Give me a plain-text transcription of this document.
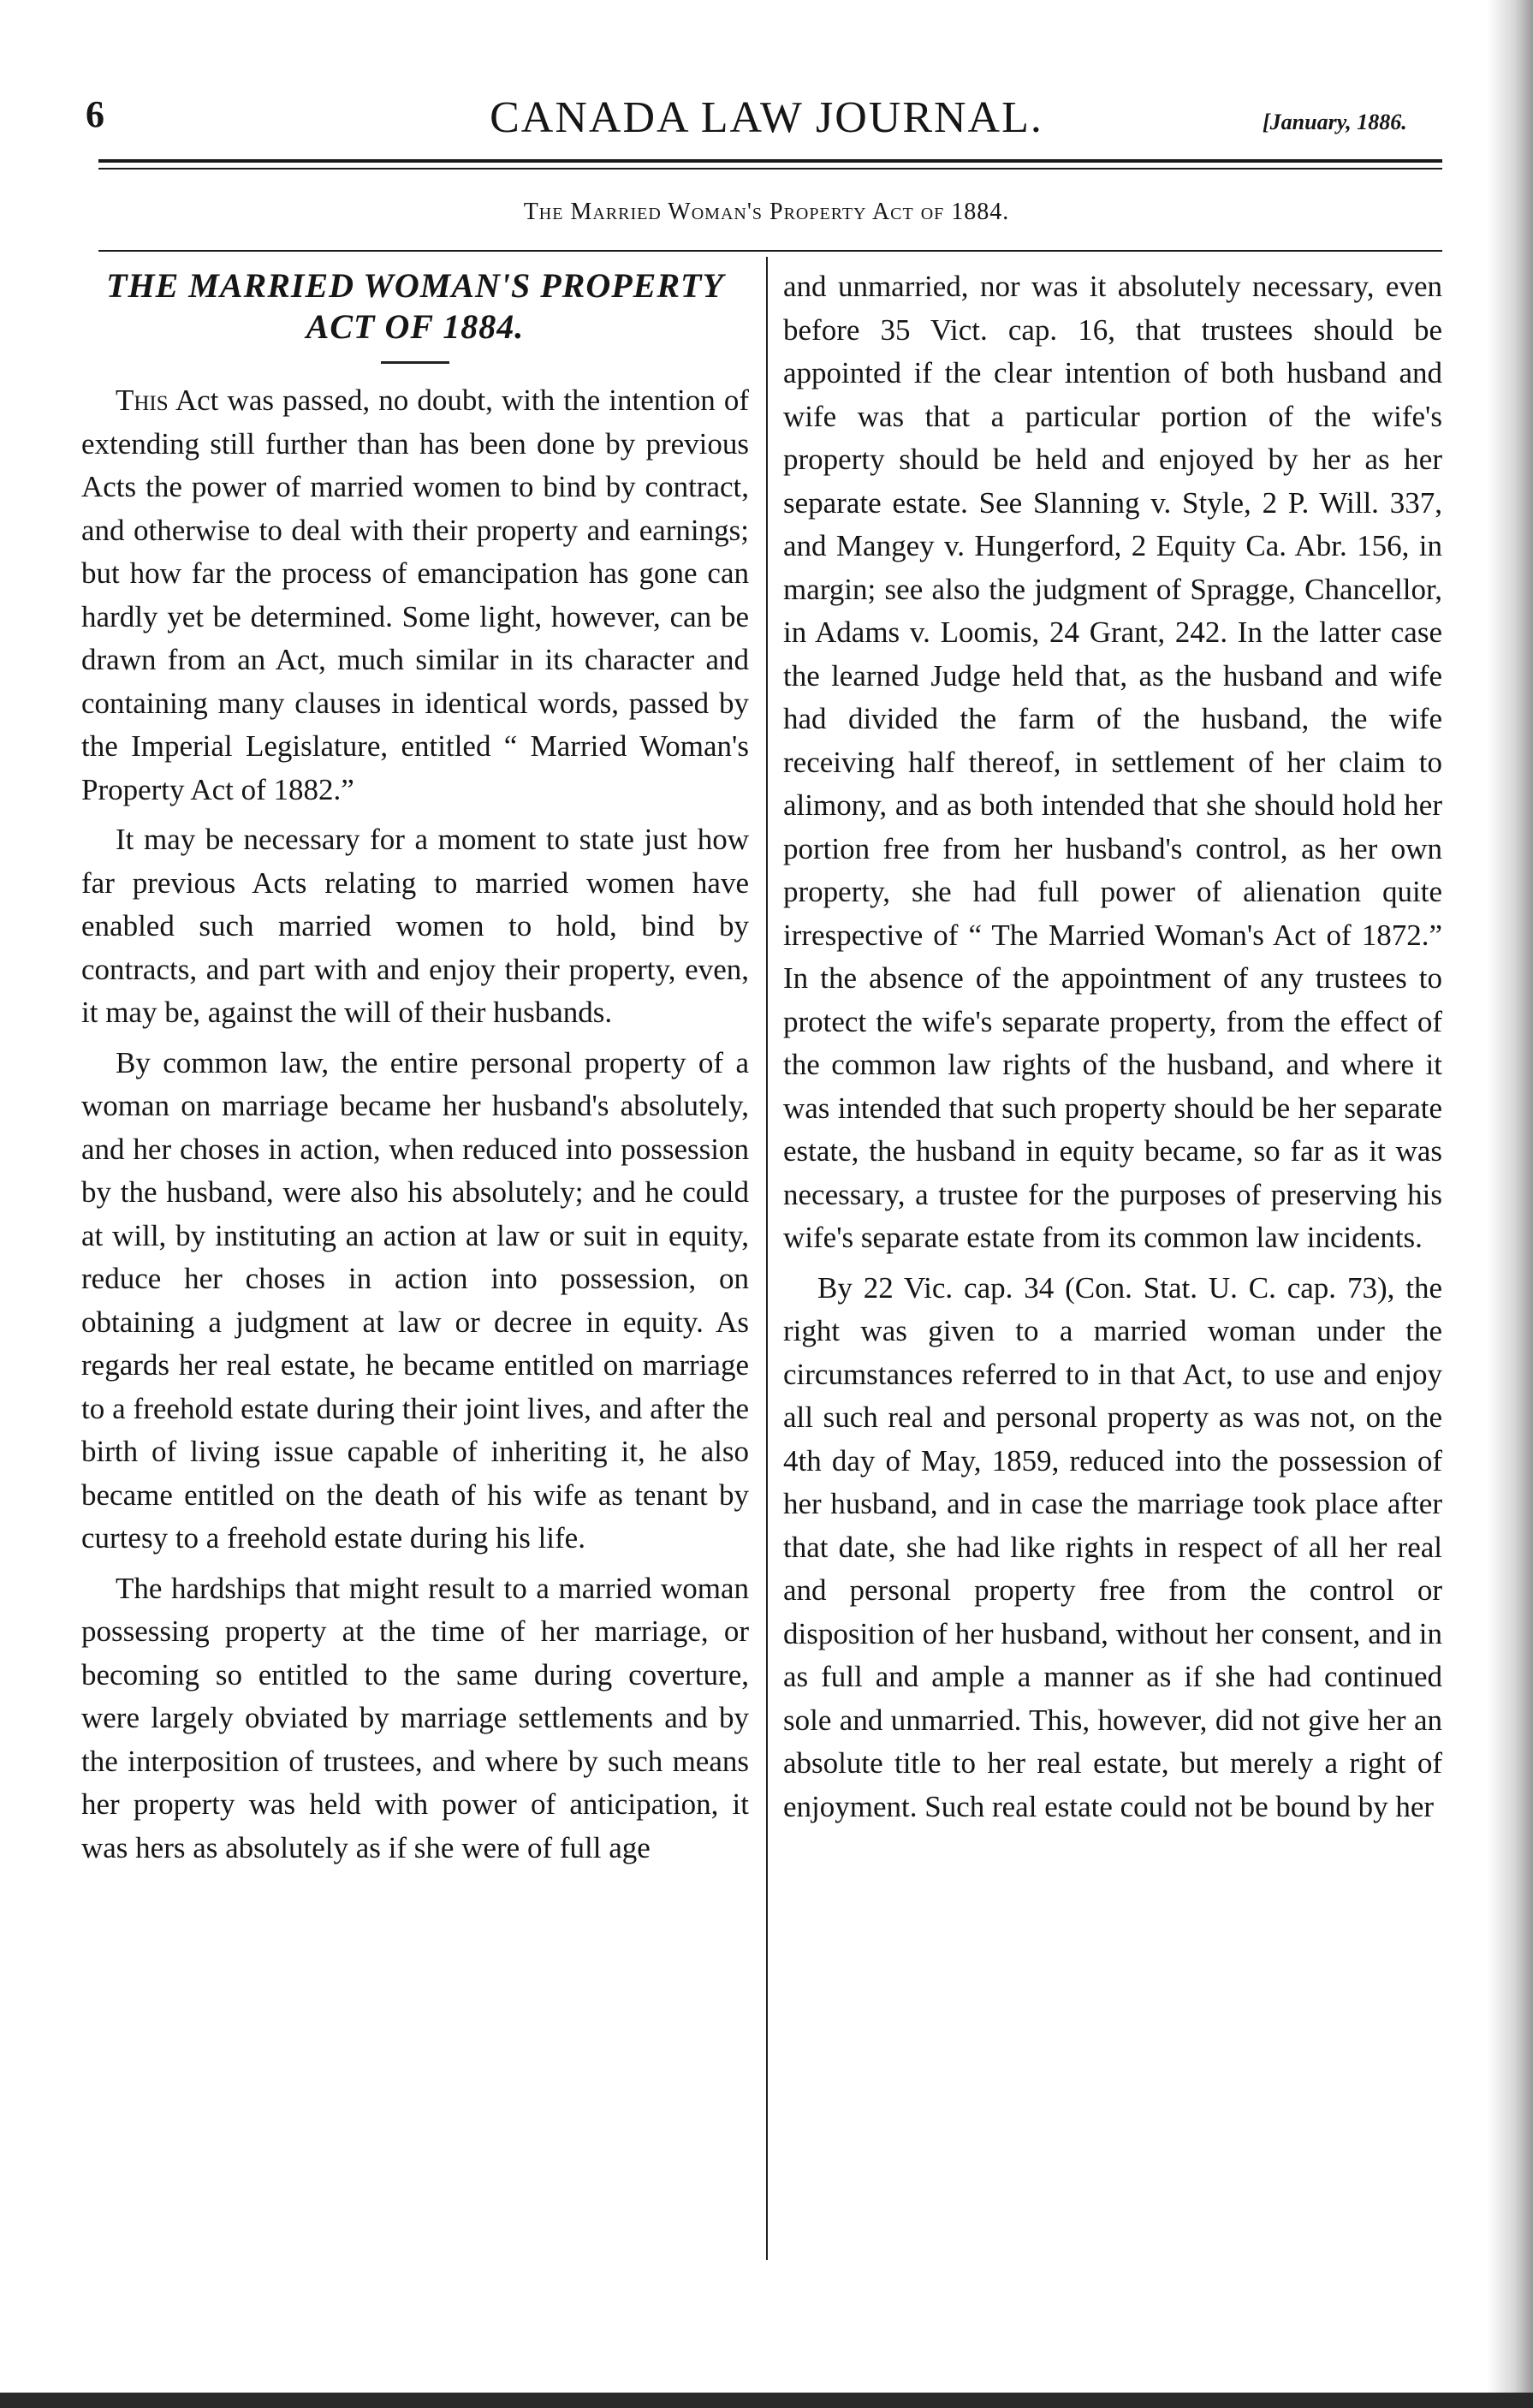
6	CANADA LAW JOURNAL.	[January, 1886.
The Married Woman's Property Act of 1884.
THE MARRIED WOMAN'S PROPERTY ACT OF 1884.

This Act was passed, no doubt, with the intention of extending still further than has been done by previous Acts the power of married women to bind by contract, and otherwise to deal with their property and earnings; but how far the process of emancipation has gone can hardly yet be determined. Some light, however, can be drawn from an Act, much similar in its character and containing many clauses in identical words, passed by the Imperial Legislature, entitled “ Married Woman's Property Act of 1882.”

It may be necessary for a moment to state just how far previous Acts relating to married women have enabled such married women to hold, bind by contracts, and part with and enjoy their property, even, it may be, against the will of their husbands.

By common law, the entire personal property of a woman on marriage became her husband's absolutely, and her choses in action, when reduced into possession by the husband, were also his absolutely; and he could at will, by instituting an action at law or suit in equity, reduce her choses in action into possession, on obtaining a judgment at law or decree in equity. As regards her real estate, he became entitled on marriage to a freehold estate during their joint lives, and after the birth of living issue capable of inheriting it, he also became entitled on the death of his wife as tenant by curtesy to a freehold estate during his life.

The hardships that might result to a married woman possessing property at the time of her marriage, or becoming so entitled to the same during coverture, were largely obviated by marriage settlements and by the interposition of trustees, and where by such means her property was held with power of anticipation, it was hers as absolutely as if she were of full age

and unmarried, nor was it absolutely necessary, even before 35 Vict. cap. 16, that trustees should be appointed if the clear intention of both husband and wife was that a particular portion of the wife's property should be held and enjoyed by her as her separate estate. See Slanning v. Style, 2 P. Will. 337, and Mangey v. Hungerford, 2 Equity Ca. Abr. 156, in margin; see also the judgment of Spragge, Chancellor, in Adams v. Loomis, 24 Grant, 242. In the latter case the learned Judge held that, as the husband and wife had divided the farm of the husband, the wife receiving half thereof, in settlement of her claim to alimony, and as both intended that she should hold her portion free from her husband's control, as her own property, she had full power of alienation quite irrespective of “ The Married Woman's Act of 1872.” In the absence of the appointment of any trustees to protect the wife's separate property, from the effect of the common law rights of the husband, and where it was intended that such property should be her separate estate, the husband in equity became, so far as it was necessary, a trustee for the purposes of preserving his wife's separate estate from its common law incidents.

By 22 Vic. cap. 34 (Con. Stat. U. C. cap. 73), the right was given to a married woman under the circumstances referred to in that Act, to use and enjoy all such real and personal property as was not, on the 4th day of May, 1859, reduced into the possession of her husband, and in case the marriage took place after that date, she had like rights in respect of all her real and personal property free from the control or disposition of her husband, without her consent, and in as full and ample a manner as if she had continued sole and unmarried. This, however, did not give her an absolute title to her real estate, but merely a right of enjoyment. Such real estate could not be bound by her
